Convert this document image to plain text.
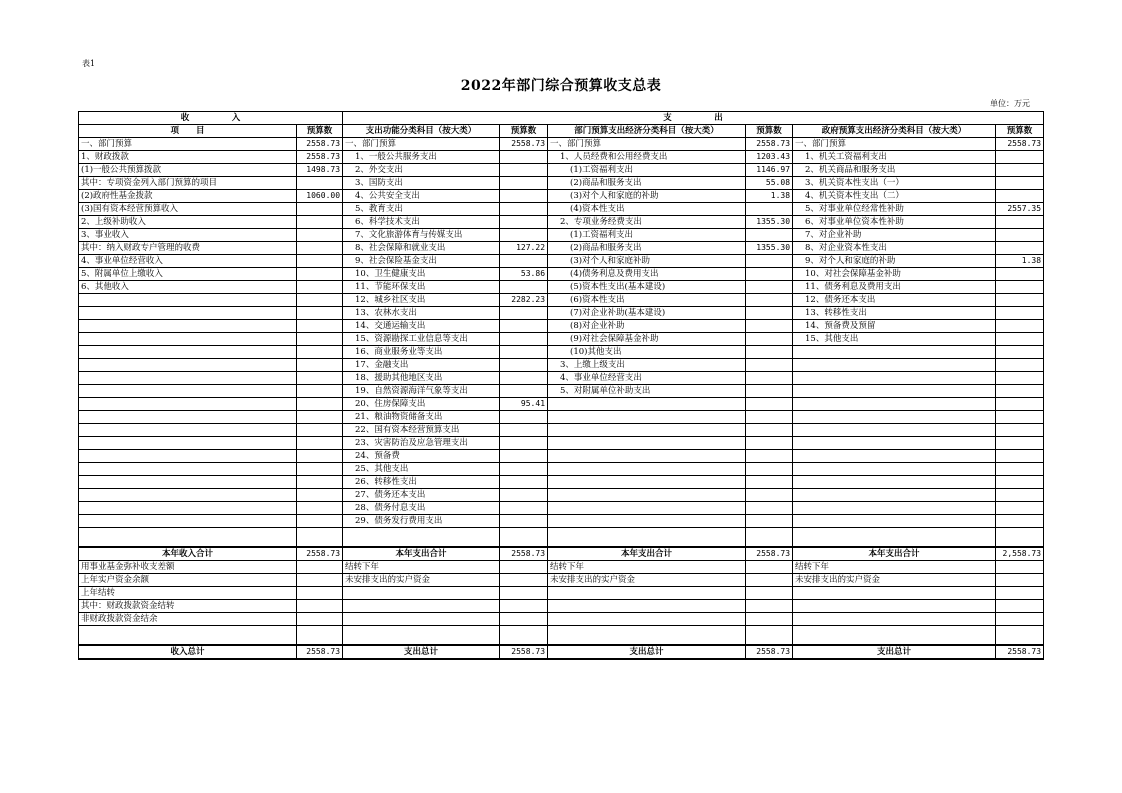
表1
2022年部门综合预算收支总表
单位：万元
收　　　　　入		支　　　　　出					
项　　目	预算数	支出功能分类科目（按大类）	预算数	部门预算支出经济分类科目（按大类）	预算数	政府预算支出经济分类科目（按大类）	预算数
一、部门预算	2558.73	一、部门预算	2558.73	一、部门预算	2558.73	一、部门预算	2558.73
1、财政拨款	2558.73	1、一般公共服务支出		1、人员经费和公用经费支出	1203.43	1、机关工资福利支出	
(1)一般公共预算拨款	1498.73	2、外交支出		(1)工资福利支出	1146.97	2、机关商品和服务支出	
其中：专项资金列入部门预算的项目		3、国防支出		(2)商品和服务支出	55.08	3、机关资本性支出（一）	
(2)政府性基金拨款	1060.00	4、公共安全支出		(3)对个人和家庭的补助	1.38	4、机关资本性支出（二）	
(3)国有资本经营预算收入		5、教育支出		(4)资本性支出		5、对事业单位经常性补助	2557.35
2、上级补助收入		6、科学技术支出		2、专项业务经费支出	1355.30	6、对事业单位资本性补助	
3、事业收入		7、文化旅游体育与传媒支出		(1)工资福利支出		7、对企业补助	
其中：纳入财政专户管理的收费		8、社会保障和就业支出	127.22	(2)商品和服务支出	1355.30	8、对企业资本性支出	
4、事业单位经营收入		9、社会保险基金支出		(3)对个人和家庭补助		9、对个人和家庭的补助	1.38
5、附属单位上缴收入		10、卫生健康支出	53.86	(4)债务利息及费用支出		10、对社会保障基金补助	
6、其他收入		11、节能环保支出		(5)资本性支出(基本建设)		11、债务利息及费用支出	
		12、城乡社区支出	2282.23	(6)资本性支出		12、债务还本支出	
		13、农林水支出		(7)对企业补助(基本建设)		13、转移性支出	
		14、交通运输支出		(8)对企业补助		14、预备费及预留	
		15、资源勘探工业信息等支出		(9)对社会保障基金补助		15、其他支出	
		16、商业服务业等支出		(10)其他支出			
		17、金融支出		3、上缴上级支出			
		18、援助其他地区支出		4、事业单位经营支出			
		19、自然资源海洋气象等支出		5、对附属单位补助支出			
		20、住房保障支出	95.41				
		21、粮油物资储备支出					
		22、国有资本经营预算支出					
		23、灾害防治及应急管理支出					
		24、预备费					
		25、其他支出					
		26、转移性支出					
		27、债务还本支出					
		28、债务付息支出					
		29、债务发行费用支出					

本年收入合计	2558.73	本年支出合计	2558.73	本年支出合计	2558.73	本年支出合计	2,558.73
用事业基金弥补收支差额		结转下年		结转下年		结转下年	
上年实户资金余额		未安排支出的实户资金		未安排支出的实户资金		未安排支出的实户资金	
上年结转							
其中：财政拨款资金结转							
非财政拨款资金结余							

收入总计	2558.73	支出总计	2558.73	支出总计	2558.73	支出总计	2558.73
